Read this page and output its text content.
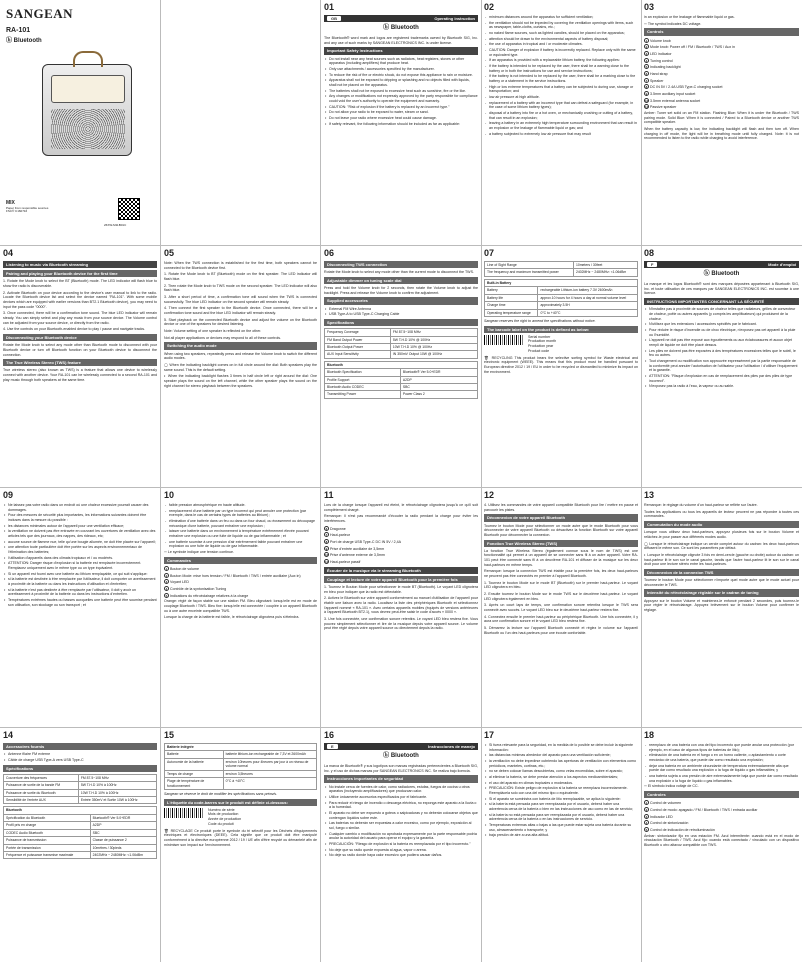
SANGEAN
RA-101
ⓑ Bluetooth
MIX
Paper from responsible sources
FSC® C160716
26XW-M11B01C
01
GB	Operating instruction
ⓑ Bluetooth

The Bluetooth® word mark and logos are registered trademarks owned by Bluetooth SIG, Inc. and any use of such marks by SANGEAN ELECTRONICS INC. is under license.

Important Safety Instructions
• Do not install near any heat sources such as radiators, heat registers, stoves or other apparatus (including amplifiers) that produce heat.
• Only use attachments / accessories specified by the manufacturer.
• To reduce the risk of fire or electric shock, do not expose this appliance to rain or moisture.
• Apparatus shall not be exposed to dripping or splashing and no objects filled with liquids, shall not be placed on the apparatus.
• The batteries shall not be exposed to excessive heat such as sunshine, fire or the like.
• Any changes or modifications not expressly approved by the party responsible for compliance could void the user's authority to operate the equipment and warranty.
• CAUTION: "Risk of explosion if the battery is replaced by an incorrect type."
• Do not allow your radio to be exposed to water, steam or sand.
• Do not leave your radio where excessive heat could cause damage.
• If safety relevant, the following information should be included as far as applicable:
02
- minimum distances around the apparatus for sufficient ventilation;
- the ventilation should not be impeded by covering the ventilation openings with items, such as newspaper, table-cloths, curtains, etc.;
- no naked flame sources, such as lighted candles, should be placed on the apparatus;
- attention should be drawn to the environmental aspects of battery disposal;
- the use of apparatus in tropical and / or moderate climates.
- CAUTION: Danger of explosion if battery is incorrectly replaced. Replace only with the same or equivalent type.
- If an apparatus is provided with a replaceable lithium battery, the following applies:
- if the battery is intended to be replaced by the user, there shall be a warning close to the battery or in both the instructions for use and service instructions;
- if the battery is not intended to be replaced by the user, there shall be a marking close to the battery or a statement in the service instructions.
- High or low extreme temperatures that a battery can be subjected to during use, storage or transportation; and
- low air pressure at high altitude.
- replacement of a battery with an incorrect type that can defeat a safeguard (for example, in the case of some lithium battery types);
- disposal of a battery into fire or a hot oven, or mechanically crushing or cutting of a battery, that can result in an explosion;
- leaving a battery in an extremely high temperature surrounding environment that can result in an explosion or the leakage of flammable liquid or gas; and
- a battery subjected to extremely low air pressure that may result
03

in an explosion or the leakage of flammable liquid or gas.

⎓ The symbol indicates DC voltage.

Controls
1 Volume knob
2 Mode knob: Power off / FM / Bluetooth / TWS / Aux in
3 LED indicator
4 Tuning control
5 Indicating backlight
6 Hand strap
7 Speaker
8 DC IN 5V / 2.4A USB Type-C charging socket
9 3.5mm auxiliary input socket
10 3.5mm external antenna socket
11 Passive speaker

Amber: Tuner set solid on an FM station. Flashing Blue: When it is under the Bluetooth / TWS pairing mode. Solid Blue: When it is connected / Paired to a Bluetooth device or another TWS compatible speaker.

When the battery capacity is low, the indicating backlight will flash and then turn off. When charging in off mode, the light will be in breathing mode until fully charged. Note: It is not recommended to listen to the radio while charging to avoid interference.

04
Listening to music via Bluetooth streaming
Pairing and playing your Bluetooth device for the first time

1. Rotate the Mode knob to select the BT (Bluetooth) mode. The LED indicator will flash blue to show the radio is discoverable.

2. Activate Bluetooth on your device according to the device's user manual to link to the radio. Locate the Bluetooth device list and select the device named "RA-101". With some mobile devices which are equipped with earlier versions than BT2.1 Bluetooth device), you may need to input the pass code "0000".

3. Once connected, there will be a confirmation tone sound. The blue LED indicator will remain steady. You can simply select and play any music from your source device. The Volume control can be adjusted from your source device, or directly from the radio.

4. Use the controls on your Bluetooth-enabled device to play / pause and navigate tracks.

Disconnecting your Bluetooth device

Rotate the Mode knob to select any mode other than Bluetooth mode to disconnect with your Bluetooth device or turn off Bluetooth function on your Bluetooth device to disconnect the connection.

The True Wireless Stereo (TWS) feature

True wireless stereo (also known as TWS) is a feature that allows one device to wirelessly connect with another device. Your RA-101 can be wirelessly connected to a second RA-101 and play music through both speakers at the same time.

05

Note: When the TWS connection is established for the first time, both speakers cannot be connected to the Bluetooth device first.

1. Rotate the Mode knob to BT (Bluetooth) mode on the first speaker. The LED indicator will flash blue.

2. Then rotate the Mode knob to TWS mode on the second speaker. The LED indicator will also flash blue.

3. After a short period of time, a confirmation tone will sound when the TWS is connected successfully. The blue LED indicator on the second speaker will remain steady.

4. Then connect the first speaker to the Bluetooth device. Once connected, there will be a confirmation tone sound and the blue LED indicator will remain steady.

5. Start playback on the connected Bluetooth device and adjust the volume on the Bluetooth device or one of the speakers for desired listening.

Note: Volume setting of one speaker is reflected on the other.

Not all player applications or devices may respond to all of these controls.

Switching the audio mode

When using two speakers, repeatedly press and release the Volume knob to switch the different audio modes.

◯ When the indicating backlight comes on in full circle around the dial: Both speakers play the same sound. This is the default setting.

◐ When the indicating backlight flashes 3 times in half circle left or right around the dial: One speaker plays the sound on the left channel, while the other speaker plays the sound on the right channel for stereo playback between the speakers.

06
Disconnecting TWS connection

Rotate the Mode knob to select any mode other than the current mode to disconnect the TWS.

Adjustable dimmer on tuning scale dial

Press and hold the Volume knob for 2 seconds, then rotate the Volume knob to adjust the backlight. Press and release the Volume knob to confirm the adjustment.

Supplied accessories
• External FM Wire Antenna
• USB Type-A to USB Type-C Charging Cable
Specifications
Frequency Coverage	FM 87.5~108 MHz
FM Band Output Power	5W T.H.D 10% @ 100Hz
Bluetooth Output Power	10W T.H.D 10% @ 100Hz
AUX Input Sensitivity	IN 350mV Output 10W @ 100Hz
Bluetooth	
Bluetooth Specification	Bluetooth® Ver 5.0+EDR
Profile Support	A2DP
Bluetooth Audio CODEC	SBC
Transmitting Power	Power Class 2
07
Line of Sight Range	10meters / 30feet
The frequency and maximum transmitted power	2402MHz ~ 2480MHz: <1.06dBm
Built-in Battery	
Battery	rechargeable Lithium-ion battery 7.3V 2600mAh
Battery life	approx.10 hours for 4 hours a day at normal volume level
Charge time	approximately 3.5H
Operating temperature range	0°C to +40°C

Sangean reserves the right to amend the specifications without notice.

The barcode label on the product is defined as below:
Serial number
Production month
Production year
Product code

🗑 RECYCLING This product bears the selective sorting symbol for Waste electrical and electronic equipment (WEEE). This means that this product must be handled pursuant to European directive 2012 / 19 / EU in order to be recycled or dismantled to minimize its impact on the environment.

08
F	Mode d'emploi
ⓑ Bluetooth

La marque et les logos Bluetooth® sont des marques déposées appartenant à Bluetooth SIG, Inc. et toute utilisation de ces marques par SANGEAN ELECTRONICS INC. est soumise à une licence.

INSTRUCTIONS IMPORTANTES CONCERNANT LA SÉCURITÉ
• N'installez pas à proximité de sources de chaleur telles que radiateurs, grilles de convecteur de chaleur, poêle ou autres appareils (y compris les amplificateurs) qui produisent de la chaleur.
• N'utilisez que les extensions / accessoires spécifiés par le fabricant.
• Pour réduire le risque d'incendie ou de choc électrique, n'exposez pas cet appareil à la pluie ou l'humidité.
• L'appareil ne doit pas être exposé aux égouttements ou aux éclaboussures et aucun objet rempli de liquide ne doit être placé dessus.
• Les piles ne doivent pas être exposées à des températures excessives telles que le soleil, le feu ou autres.
• Tout changement ou modification non approuvée expressément par la partie responsable de la conformité peut annuler l'autorisation de l'utilisateur pour l'utilisation / d'utiliser l'équipement et la garantie.
• ATTENTION: "Risque d'explosion en cas de remplacement des piles par des piles de type incorrect".
• N'exposez pas la radio à l'eau, la vapeur ou au sable.
09
• Ne laissez pas votre radio dans un endroit où une chaleur excessive pourrait causer des dommages.
• Pour des mesures de sécurité plus importantes, les informations suivantes doivent être incluses dans la mesure du possible :
• les distances minimales autour de l'appareil pour une ventilation efficace;
• la ventilation ne doivent pas être entravée en couvrant les ouvertures de ventilation avec des articles tels que des journaux, des nappes, des rideaux, etc;
• aucune source de flamme nue, telle qu'une bougie allumée, ne doit être placée sur l'appareil;
• une attention toute particulière doit être portée sur les aspects environnementaux de l'élimination des batteries;
• l'utilisation d'appareils dans des climats tropicaux et / ou modérés.
• ATTENTION: Danger risque d'explosion si la batterie est remplacée incorrectement. Remplacez uniquement avec le même type ou un type équivalent.
• Si un appareil est fourni avec une batterie au lithium remplaçable, ce qui suit s'applique:
• si la batterie est destinée à être remplacée par l'utilisateur, il doit comporter un avertissement à proximité de la batterie ou dans les instructions d'utilisation et d'entretien;
• si la batterie n'est pas destinée à être remplacée par l'utilisateur, il doit y avoir un avertissement à proximité de la batterie ou dans les instructions d'entretien.
• Températures extrêmes hautes ou basses auxquelles une batterie peut être soumise pendant son utilisation, son stockage ou son transport ; et
10
- faible pression atmosphérique en haute altitude.
- remplacement d'une batterie par un type incorrect qui peut annuler une protection (par exemple, dans le cas de certains types de batteries au lithium) ;
- élimination d'une batterie dans un feu ou dans un four chaud, ou écrasement ou découpage mécanique d'une batterie, pouvant entraîner une explosion ;
- laisser une batterie dans un environnement à température extrêmement élevée pouvant entraîner une explosion ou une fuite de liquide ou de gaz inflammable ; et
- une batterie soumise à une pression d'air extrêmement faible pouvant entraîner une explosion ou une fuite de liquide ou de gaz inflammable.

⎓ Le symbole indique une tension continue.

Commandes
1 Bouton de volume
2 Bouton Mode: mise hors tension / FM / Bluetooth / TWS / entrée auxiliaire (Aux in)
3 Voyant LED
4 Contrôle de la syntonisation Tuning
5 Indications du rétroéclairage relatives à la charge

Orange: réglé de façon stable sur une station FM. Bleu clignotant: lorsqu'elle est en mode de couplage Bluetooth / TWS. Bleu fixe: lorsqu'elle est connectée / couplée à un appareil Bluetooth ou à une autre enceinte compatible TWS.

Lorsque la charge de la batterie est faible, le rétroéclairage clignotera puis s'éteindra.

11

Lors de la charge lorsque l'appareil est éteint, le rétroéclairage clignotera jusqu'à ce qu'il soit complètement chargé.

Remarque: Il n'est pas recommandé d'écouter la radio pendant la charge pour éviter les interférences.

6 Dragonne
7 Haut-parleur
8 Port de charge USB Type-C DC IN 5V / 2,4A
9 Prise d'entrée auxiliaire de 3,5mm
10 Prise d'antenne externe de 3,5mm
11 Haut-parleur passif
Écouter de la musique via le streaming Bluetooth
Couplage et lecture de votre appareil Bluetooth pour la première fois

1. Tournez le Bouton Mode pour sélectionner le mode BT (Bluetooth). Le voyant LED clignotera en bleu pour indiquer que la radio est détectable.

2. Activez le Bluetooth sur votre appareil conformément au manuel d'utilisation de l'appareil pour établir une liaison avec la radio. Localisez la liste des périphériques Bluetooth et sélectionnez l'appareil nommé « RA-101 ». Avec certains appareils mobiles (équipés de versions antérieures à l'appareil Bluetooth BT2.1), vous devrez peut-être saisir le code d'accès « 0000 ».

3. Une fois connectée, une confirmation sonore retentira. Le voyant LED bleu restera fixe. Vous pouvez simplement sélectionner et lire de la musique depuis votre appareil source. Le volume peut être réglé depuis votre appareil source ou directement depuis la radio.

12

4. Utilisez les commandes de votre appareil compatible Bluetooth pour lire / mettre en pause et parcourir les pistes.

Déconnexion de votre appareil Bluetooth

Tournez le bouton Mode pour sélectionner un mode autre que le mode Bluetooth pour vous déconnecter de votre appareil Bluetooth ou désactivez la fonction Bluetooth sur votre appareil Bluetooth pour déconnecter la connexion.

Fonction True Wireless Stereo (TWS)

La fonction True Wireless Stereo (également connue sous le nom de TWS) est une fonctionnalité qui permet à un appareil de se connecter sans fil à un autre appareil. Votre RA-101 peut être connecté sans fil à un deuxième RA-101 et diffuser de la musique sur les deux haut-parleurs en même temps.

Remarque: lorsque la connexion TWS est établie pour la première fois, les deux haut-parleurs ne peuvent pas être connectés en premier à l'appareil Bluetooth.

1. Tournez le bouton Mode sur le mode BT (Bluetooth) sur le premier haut-parleur. Le voyant LED clignotera en bleu.

2. Ensuite tournez le bouton Mode sur le mode TWS sur le deuxième haut-parleur. Le voyant LED clignotera également en bleu.

3. Après un court laps de temps, une confirmation sonore retentira lorsque le TWS sera connecté avec succès. Le voyant LED bleu sur le deuxième haut-parleur restera fixe.

4. Connectez ensuite le premier haut-parleur au périphérique Bluetooth. Une fois connectée, il y aura une confirmation sonore et le voyant LED bleu restera fixe.

5. Démarrez la lecture sur l'appareil Bluetooth connecté et réglez le volume sur l'appareil Bluetooth ou l'un des haut-parleurs pour une écoute confortable.

13

Remarque: le réglage du volume d'un haut-parleur se reflète sur l'autre.

Toutes les applications ou tous les appareils de lecteur peuvent ne pas répondre à toutes ces commandes.

Commutation du mode audio

Lorsque vous utilisez deux haut-parleurs, appuyez plusieurs fois sur le bouton Volume et relâchez-le pour passer aux différents modes audio.

◯ Lorsque le rétroéclairage indique un cercle complet autour du cadran: les deux haut-parleurs diffusent le même son. Ce sont les paramètres par défaut.

◐ Lorsque le rétroéclairage clignote 3 fois en demi-cercle (gauche ou droite) autour du cadran: un haut-parleur lit le son sur le canal gauche, tandis que l'autre haut-parleur lit le son sur le canal droit pour une lecture stéréo entre les haut-parleurs.

Déconnexion de la connexion TWS

Tournez le bouton Mode pour sélectionner n'importe quel mode autre que le mode actuel pour déconnecter le TWS.

Intensité du rétroéclairage réglable sur le cadran de tuning

Appuyez sur le bouton Volume et maintenez-le enfoncé pendant 2 secondes, puis tournez-le pour régler le rétroéclairage. Appuyez brièvement sur le bouton Volume pour confirmer le réglage.

14
Accessoires fournis
• Antenne filaire FM externe
• Câble de charge USB Type-A vers USB Type-C
Spécifications
Couverture des fréquences	FM 87.5~108 MHz
Puissance de sortie de la bande FM	5W T.H.D 10% à 100Hz
Puissance de sortie du Bluetooth	10W T.H.D 10% à 100Hz
Sensibilité de l'entrée AUX	Entrée 350mV et Sortie 10W à 100Hz
Bluetooth	
Spécification du Bluetooth	Bluetooth® Ver 5.0+EDR
Profil pris en charge	A2DP
CODEC Audio Bluetooth	SBC
Puissance de transmission	Classe de puissance 2
Portée de transmission	10mètres / 30pieds
Fréquence et puissance transmise maximale	2402MHz ~ 2480MHz: <1.06dBm
15
Batterie intégrée	
Batterie	batterie lithium-ion rechargeable de 7,3V et 2600mAh
Autonomie de la batterie	environ 10heures pour 4heures par jour à un niveau de volume normal
Temps de charge	environ 3,5heures
Plage de température de fonctionnement	0°C à +40°C

Sangean se réserve le droit de modifier les spécifications sans préavis.

L'étiquette du code-barres sur le produit est définie ci-dessous:
Numéro de série
Mois de production
Année de production
Code du produit

🗑 RECYCLAGE Ce produit porte le symbole du tri sélectif pour les Déchets d'équipements électriques et électroniques (DEEE). Cela signifie que ce produit doit être manipulé conformément à la directive européenne 2012 / 19 / UE afin d'être recyclé ou démantelé afin de minimiser son impact sur l'environnement.

16
E	Instrucciones de manejo
ⓑ Bluetooth

La marca de Bluetooth® y sus logotipos son marcas registradas pertenecientes a Bluetooth SIG, Inc. y el uso de dichas marcas por SANGEAN ELECTRONICS INC. Se realiza bajo licencia.

Instrucciones importantes de seguridad
• No instale cerca de fuentes de calor, como radiadores, estufas, fuegos de cocina u otros aparatos (incluyendo amplificadores) que produzcan calor.
• Utilice únicamente accesorios especificados por el fabricante.
• Para reducir el riesgo de incendio o descarga eléctrica, no exponga este aparato a la lluvia o a la humedad.
• El aparato no debe ser expuesto a goteos o salpicaduras y no deberán colocarse objetos que contengan líquidos sobre este.
• Las baterías no deberán ser expuestas a calor excesivo, como por ejemplo, exposición al sol, fuego o similar.
• Cualquier cambio o modificación no aprobada expresamente por la parte responsable podría anular la autoridad del usuario para operar el equipo y la garantía.
• PRECAUCIÓN: "Riesgo de explosión si la batería es reemplazada por el tipo incorrecto."
• No deje que su radio quede expuesta al agua, vapor o arena.
• No deje su radio donde haya calor excesivo que pudiera causar daños.
17
• Si fuera relevante para la seguridad, en la medida de lo posible se debe incluir la siguiente información:
• las distancias mínimas alrededor del aparato para una ventilación suficiente;
• la ventilación no debe impedirse cubriendo las aperturas de ventilación con elementos como periódicos, manteles, cortinas, etc.;
• no se deben colocar llamas descubiertas, como velas encendidas, sobre el aparato;
• al eliminar la batería, se debe prestar atención a los aspectos medioambientales;
• el uso del aparato en climas tropicales o moderados.
• PRECAUCIÓN: Existe peligro de explosión si la batería se reemplaza incorrectamente. Reemplácela solo con una del mismo tipo o equivalente.
• Si el aparato se suministra con batería de litio reemplazable, se aplica lo siguiente:
• si la batería está pensada para ser reemplazada por el usuario, deberá haber una advertencia cerca de la batería o bien en las instrucciones de uso como en las de servicio;
• si la batería no está pensada para ser reemplazada por el usuario, deberá haber una advertencia cerca de la batería o en las instrucciones de servicio.
• Temperaturas extremas altas o bajas a las que puede estar sujeta una batería durante su uso, almacenamiento o transporte; y
• baja presión de aire a una alta altitud.
18
- reemplazo de una batería con una del tipo incorrecto que puede anular una protección (por ejemplo, en el caso de algunos tipos de baterías de litio);
- eliminación de una batería en el fuego o en un horno caliente, o aplastamiento o corte mecánico de una batería, que puede dar como resultado una explosión;
- dejar una batería en un ambiente circundante de temperatura extremadamente alta que puede dar como resultado una explosión o la fuga de líquido o gas inflamables; y
- una batería sujeta a una presión de aire extremadamente baja que puede dar como resultado una explosión o la fuga de líquido o gas inflamables.

⎓ El símbolo indica voltaje de CC.

Controles
1 Control de volumen
2 Control de modo: apagado / FM / Bluetooth / TWS / entrada auxiliar
3 Indicador LED
4 Control de sintonización
5 Control de indicación de retroiluminación

Ámbar: sintonizador fijo en una estación FM. Azul intermitente: cuando está en el modo de vinculación Bluetooth / TWS. Azul fijo: cuando está conectado / vinculado con un dispositivo Bluetooth u otro altavoz compatible con TWS.
